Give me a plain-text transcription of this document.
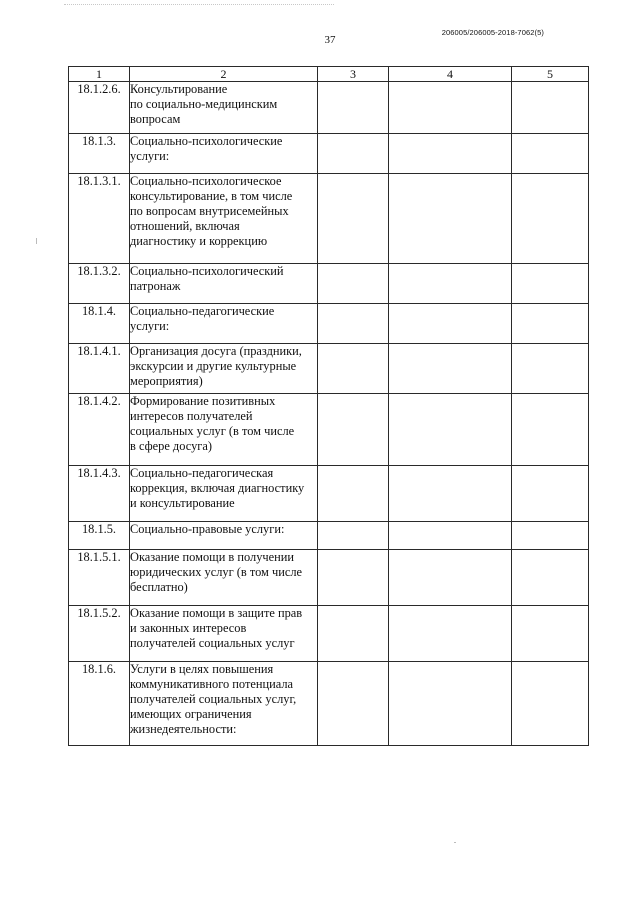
37
206005/206005-2018-7062(5)
1	2	3	4	5
18.1.2.6.	Консультирование
по социально-медицинским
вопросам			

18.1.3.	Социально-психологические
услуги:			

18.1.3.1.	Социально-психологическое
консультирование, в том числе
по вопросам внутрисемейных
отношений, включая
диагностику и коррекцию			

18.1.3.2.	Социально-психологический
патронаж			

18.1.4.	Социально-педагогические
услуги:			

18.1.4.1.	Организация досуга (праздники,
экскурсии и другие культурные
мероприятия)			

18.1.4.2.	Формирование позитивных
интересов получателей
социальных услуг (в том числе
в сфере досуга)			

18.1.4.3.	Социально-педагогическая
коррекция, включая диагностику
и консультирование			

18.1.5.	Социально-правовые услуги:			

18.1.5.1.	Оказание помощи в получении
юридических услуг (в том числе
бесплатно)			

18.1.5.2.	Оказание помощи в защите прав
и законных интересов
получателей социальных услуг			

18.1.6.	Услуги в целях повышения
коммуникативного потенциала
получателей социальных услуг,
имеющих ограничения
жизнедеятельности:			
